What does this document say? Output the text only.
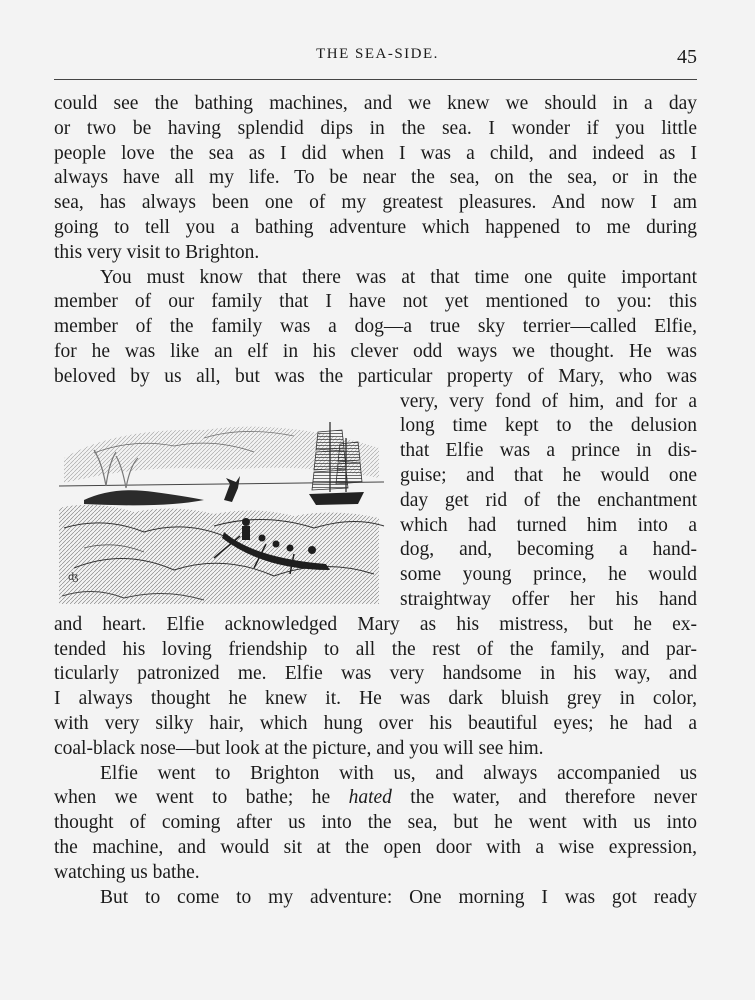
THE SEA-SIDE.	45
could see the bathing machines, and we knew we should in a day
or two be having splendid dips in the sea. I wonder if you little
people love the sea as I did when I was a child, and indeed as I
always have all my life. To be near the sea, on the sea, or in the
sea, has always been one of my greatest pleasures. And now I am
going to tell you a bathing adventure which happened to me during
this very visit to Brighton.
You must know that there was at that time one quite important
member of our family that I have not yet mentioned to you: this
member of the family was a dog—a true sky terrier—called Elfie,
for he was like an elf in his clever odd ways we thought. He was
beloved by us all, but was the particular property of Mary, who was
very, very fond of him, and for a
long time kept to the delusion
that Elfie was a prince in dis-
guise; and that he would one
day get rid of the enchantment
which had turned him into a
dog, and, becoming a hand-
some young prince, he would
straightway offer her his hand
and heart. Elfie acknowledged Mary as his mistress, but he ex-
tended his loving friendship to all the rest of the family, and par-
ticularly patronized me. Elfie was very handsome in his way, and
I always thought he knew it. He was dark bluish grey in color,
with very silky hair, which hung over his beautiful eyes; he had a
coal-black nose—but look at the picture, and you will see him.
Elfie went to Brighton with us, and always accompanied us
when we went to bathe; he hated the water, and therefore never
thought of coming after us into the sea, but he went with us into
the machine, and would sit at the open door with a wise expression,
watching us bathe.
But to come to my adventure: One morning I was got ready
ʤ
